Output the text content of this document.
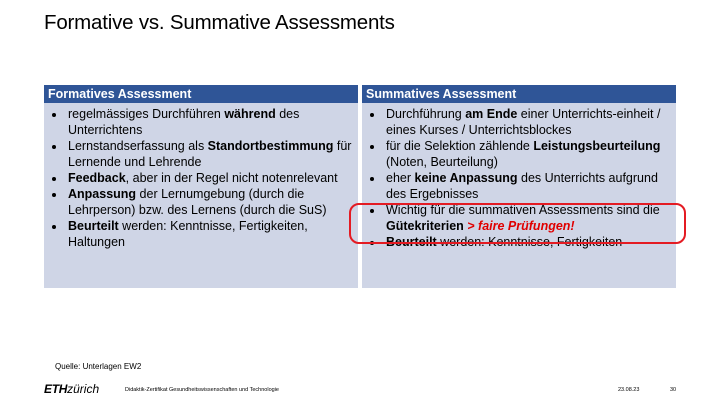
Formative vs. Summative Assessments
Formatives Assessment
• regelmässiges Durchführen während des Unterrichtens
• Lernstandserfassung als Standortbestimmung für Lernende und Lehrende
• Feedback, aber in der Regel nicht notenrelevant
• Anpassung der Lernumgebung (durch die Lehrperson) bzw. des Lernens (durch die SuS)
• Beurteilt werden: Kenntnisse, Fertigkeiten, Haltungen
Summatives Assessment
• Durchführung am Ende einer Unterrichts-einheit / eines Kurses / Unterrichtsblockes
• für die Selektion zählende Leistungsbeurteilung (Noten, Beurteilung)
• eher keine Anpassung des Unterrichts aufgrund des Ergebnisses
• Wichtig für die summativen Assessments sind die Gütekriterien > faire Prüfungen!
• Beurteilt werden: Kenntnisse, Fertigkeiten
Quelle: Unterlagen EW2
ETHzürich	Didaktik-Zertifikat Gesundheitswissenschaften und Technologie	23.08.23	30
